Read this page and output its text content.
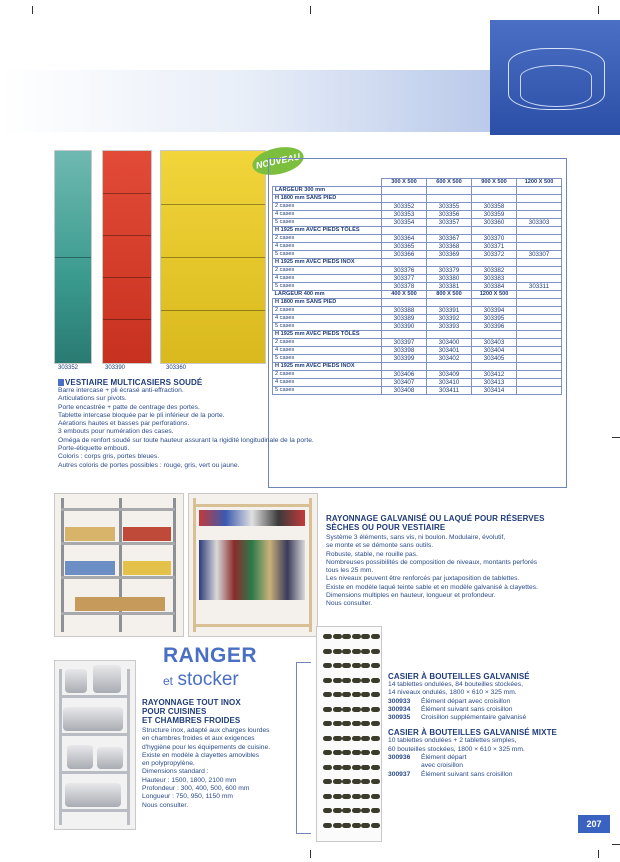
303352	303390	303360
NOUVEAU
	300 X 500	600 X 500	900 X 500	1200 X 500
LARGEUR 300 mm				
H 1800 mm SANS PIED				
2 cases	303352	303355	303358	
4 cases	303353	303356	303359	
5 cases	303354	303357	303360	303303
H 1925 mm AVEC PIEDS TÔLÉS				
2 cases	303364	303367	303370	
4 cases	303365	303368	303371	
5 cases	303366	303369	303372	303307
H 1925 mm AVEC PIEDS INOX				
2 cases	303376	303379	303382	
4 cases	303377	303380	303383	
5 cases	303378	303381	303384	303311
LARGEUR 400 mm	400 X 500	800 X 500	1200 X 500	
H 1800 mm SANS PIED				
2 cases	303388	303391	303394	
4 cases	303389	303392	303395	
5 cases	303390	303393	303396	
H 1925 mm AVEC PIEDS TÔLÉS				
2 cases	303397	303400	303403	
4 cases	303398	303401	303404	
5 cases	303399	303402	303405	
H 1925 mm AVEC PIEDS INOX				
2 cases	303406	303409	303412	
4 cases	303407	303410	303413	
5 cases	303408	303411	303414	
VESTIAIRE MULTICASIERS SOUDÉ
Barre intercase + pli écrasé anti-effraction.
Articulations sur pivots.
Porte encastrée + patte de centrage des portes.
Tablette intercase bloquée par le pli inférieur de la porte.
Aérations hautes et basses par perforations.
3 embouts pour numération des cases.
Oméga de renfort soudé sur toute hauteur assurant la rigidité longitudinale de la porte.
Porte-étiquette embouti.
Coloris : corps gris, portes bleues.
Autres coloris de portes possibles : rouge, gris, vert ou jaune.
RAYONNAGE GALVANISÉ OU LAQUÉ POUR RÉSERVES
SÈCHES OU POUR VESTIAIRE
Système 3 éléments, sans vis, ni boulon. Modulaire, évolutif,
se monte et se démonte sans outils.
Robuste, stable, ne rouille pas.
Nombreuses possibilités de composition de niveaux, montants perforés
tous les 25 mm.
Les niveaux peuvent être renforcés par juxtaposition de tablettes.
Existe en modèle laqué teinte sable et en modèle galvanisé à clayettes.
Dimensions multiples en hauteur, longueur et profondeur.
Nous consulter.
RANGER
et stocker
RAYONNAGE TOUT INOX
POUR CUISINES
ET CHAMBRES FROIDES
Structure inox, adapté aux charges lourdes
en chambres froides et aux exigences
d'hygiène pour les équipements de cuisine.
Existe en modèle à clayettes amovibles
en polypropylène.
Dimensions standard :
Hauteur : 1500, 1800, 2100 mm
Profondeur : 300, 400, 500, 600 mm
Longueur : 750, 950, 1150 mm
Nous consulter.
CASIER À BOUTEILLES GALVANISÉ
14 tablettes ondulées, 84 bouteilles stockées,
14 niveaux ondulés, 1800 × 610 × 325 mm.
300933 Élément départ avec croisillon
300934 Élément suivant sans croisillon
300935 Croisillon supplémentaire galvanisé
CASIER À BOUTEILLES GALVANISÉ MIXTE
10 tablettes ondulées + 2 tablettes simples,
60 bouteilles stockées, 1800 × 610 × 325 mm.
300936 Élément départ
avec croisillon
300937 Élément suivant sans croisillon
207
